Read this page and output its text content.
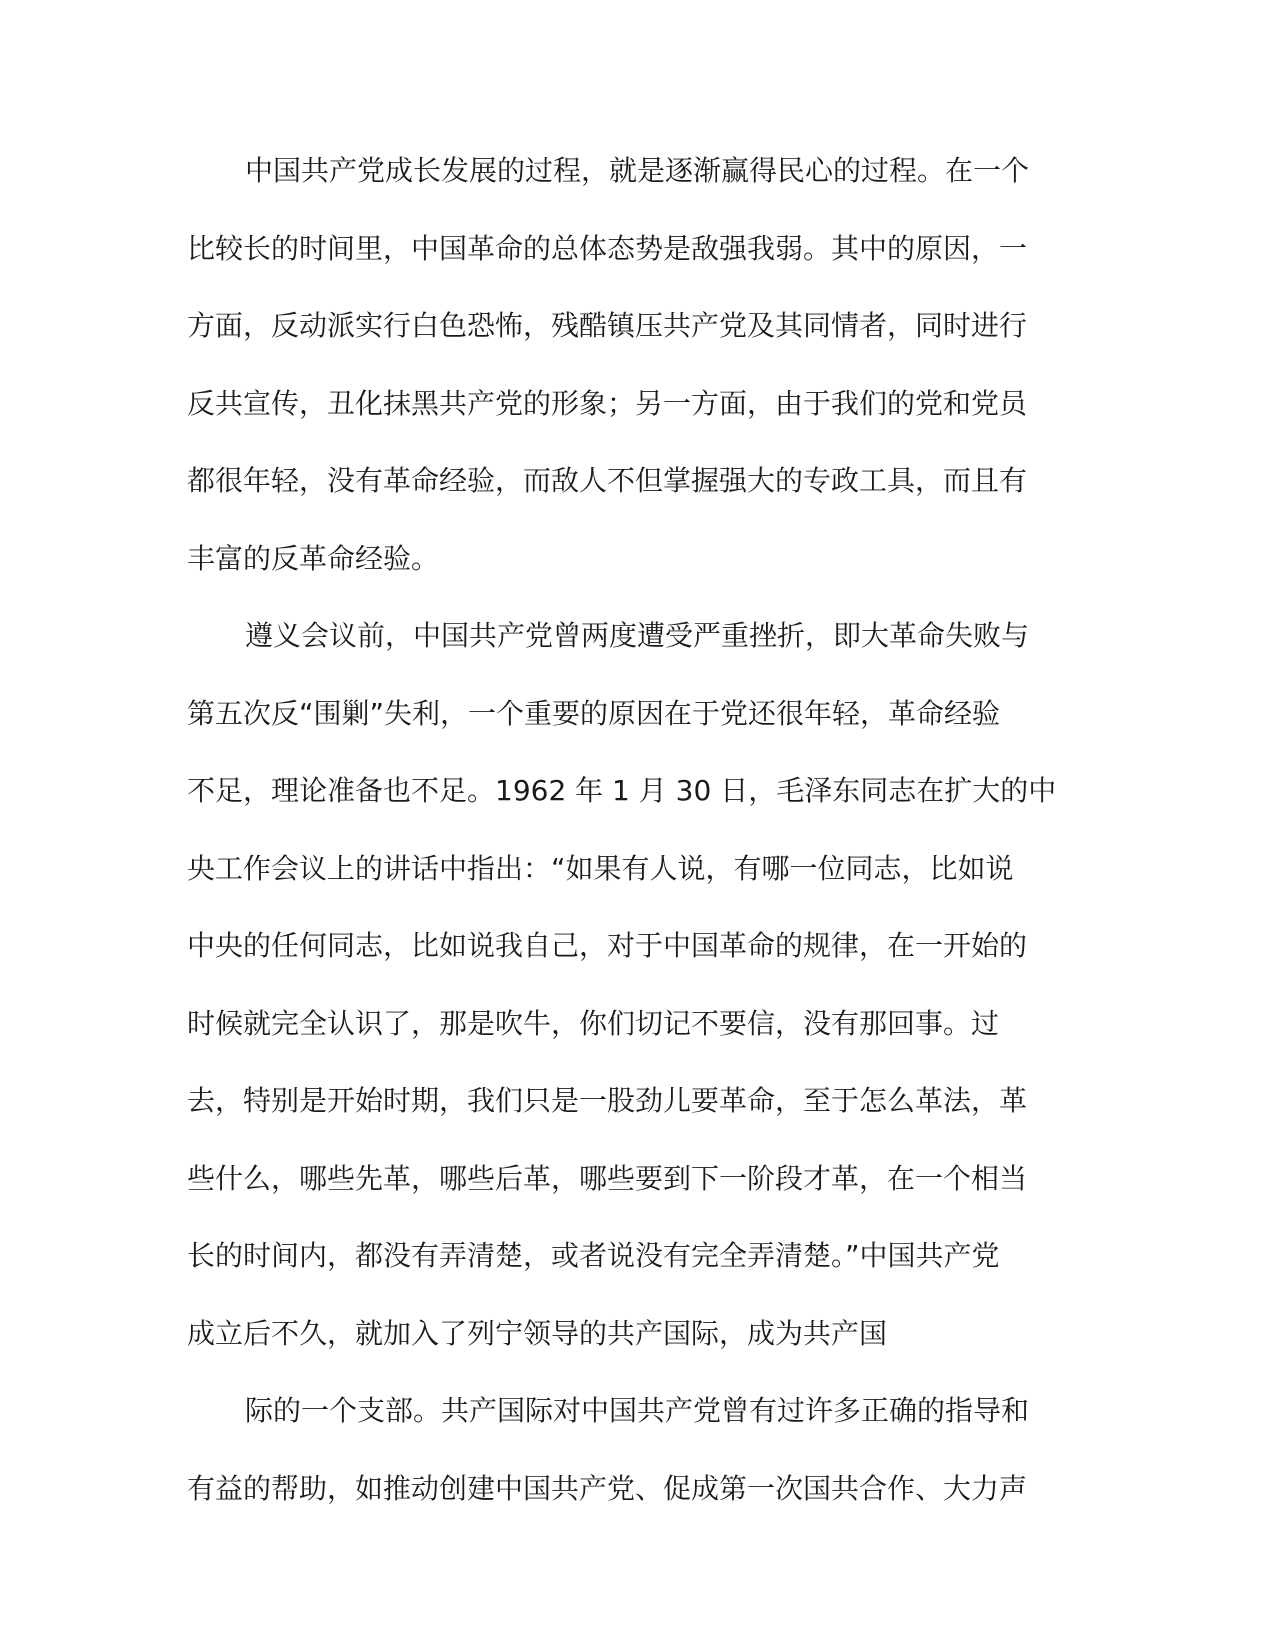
中国共产党成长发展的过程，就是逐渐赢得民心的过程。在一个
比较长的时间里，中国革命的总体态势是敌强我弱。其中的原因，一
方面，反动派实行白色恐怖，残酷镇压共产党及其同情者，同时进行
反共宣传，丑化抹黑共产党的形象；另一方面，由于我们的党和党员
都很年轻，没有革命经验，而敌人不但掌握强大的专政工具，而且有
丰富的反革命经验。
遵义会议前，中国共产党曾两度遭受严重挫折，即大革命失败与
第五次反“围剿”失利，一个重要的原因在于党还很年轻，革命经验
不足，理论准备也不足。1962 年 1 月 30 日，毛泽东同志在扩大的中
央工作会议上的讲话中指出：“如果有人说，有哪一位同志，比如说
中央的任何同志，比如说我自己，对于中国革命的规律，在一开始的
时候就完全认识了，那是吹牛，你们切记不要信，没有那回事。过
去，特别是开始时期，我们只是一股劲儿要革命，至于怎么革法，革
些什么，哪些先革，哪些后革，哪些要到下一阶段才革，在一个相当
长的时间内，都没有弄清楚，或者说没有完全弄清楚。”中国共产党
成立后不久，就加入了列宁领导的共产国际，成为共产国
际的一个支部。共产国际对中国共产党曾有过许多正确的指导和
有益的帮助，如推动创建中国共产党、促成第一次国共合作、大力声
